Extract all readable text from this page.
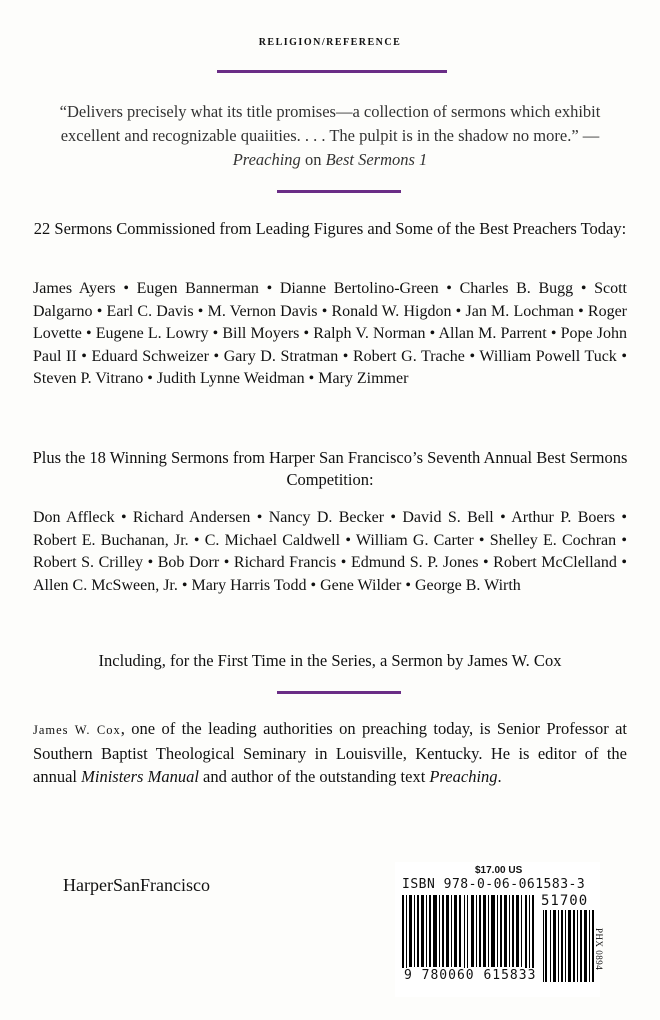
RELIGION/REFERENCE
“Delivers precisely what its title promises—a collection of sermons which exhibit excellent and recognizable quaiities. . . . The pulpit is in the shadow no more.” — Preaching on Best Sermons 1
22 Sermons Commissioned from Leading Figures and Some of the Best Preachers Today:
James Ayers • Eugen Bannerman • Dianne Bertolino-Green • Charles B. Bugg • Scott Dalgarno • Earl C. Davis • M. Vernon Davis • Ronald W. Higdon • Jan M. Lochman • Roger Lovette • Eugene L. Lowry • Bill Moyers • Ralph V. Norman • Allan M. Parrent • Pope John Paul II • Eduard Schweizer • Gary D. Stratman • Robert G. Trache • William Powell Tuck • Steven P. Vitrano • Judith Lynne Weidman • Mary Zimmer
Plus the 18 Winning Sermons from Harper San Francisco’s Seventh Annual Best Sermons Competition:
Don Affleck • Richard Andersen • Nancy D. Becker • David S. Bell • Arthur P. Boers • Robert E. Buchanan, Jr. • C. Michael Caldwell • William G. Carter • Shelley E. Cochran • Robert S. Crilley • Bob Dorr • Richard Francis • Edmund S. P. Jones • Robert McClelland • Allen C. McSween, Jr. • Mary Harris Todd • Gene Wilder • George B. Wirth
Including, for the First Time in the Series, a Sermon by James W. Cox
James W. Cox, one of the leading authorities on preaching today, is Senior Professor at Southern Baptist Theological Seminary in Louisville, Kentucky. He is editor of the annual Ministers Manual and author of the outstanding text Preaching.
HarperSanFrancisco
$17.00 US
ISBN 978-0-06-061583-3
51700
9 780060 615833
PHX 0894
